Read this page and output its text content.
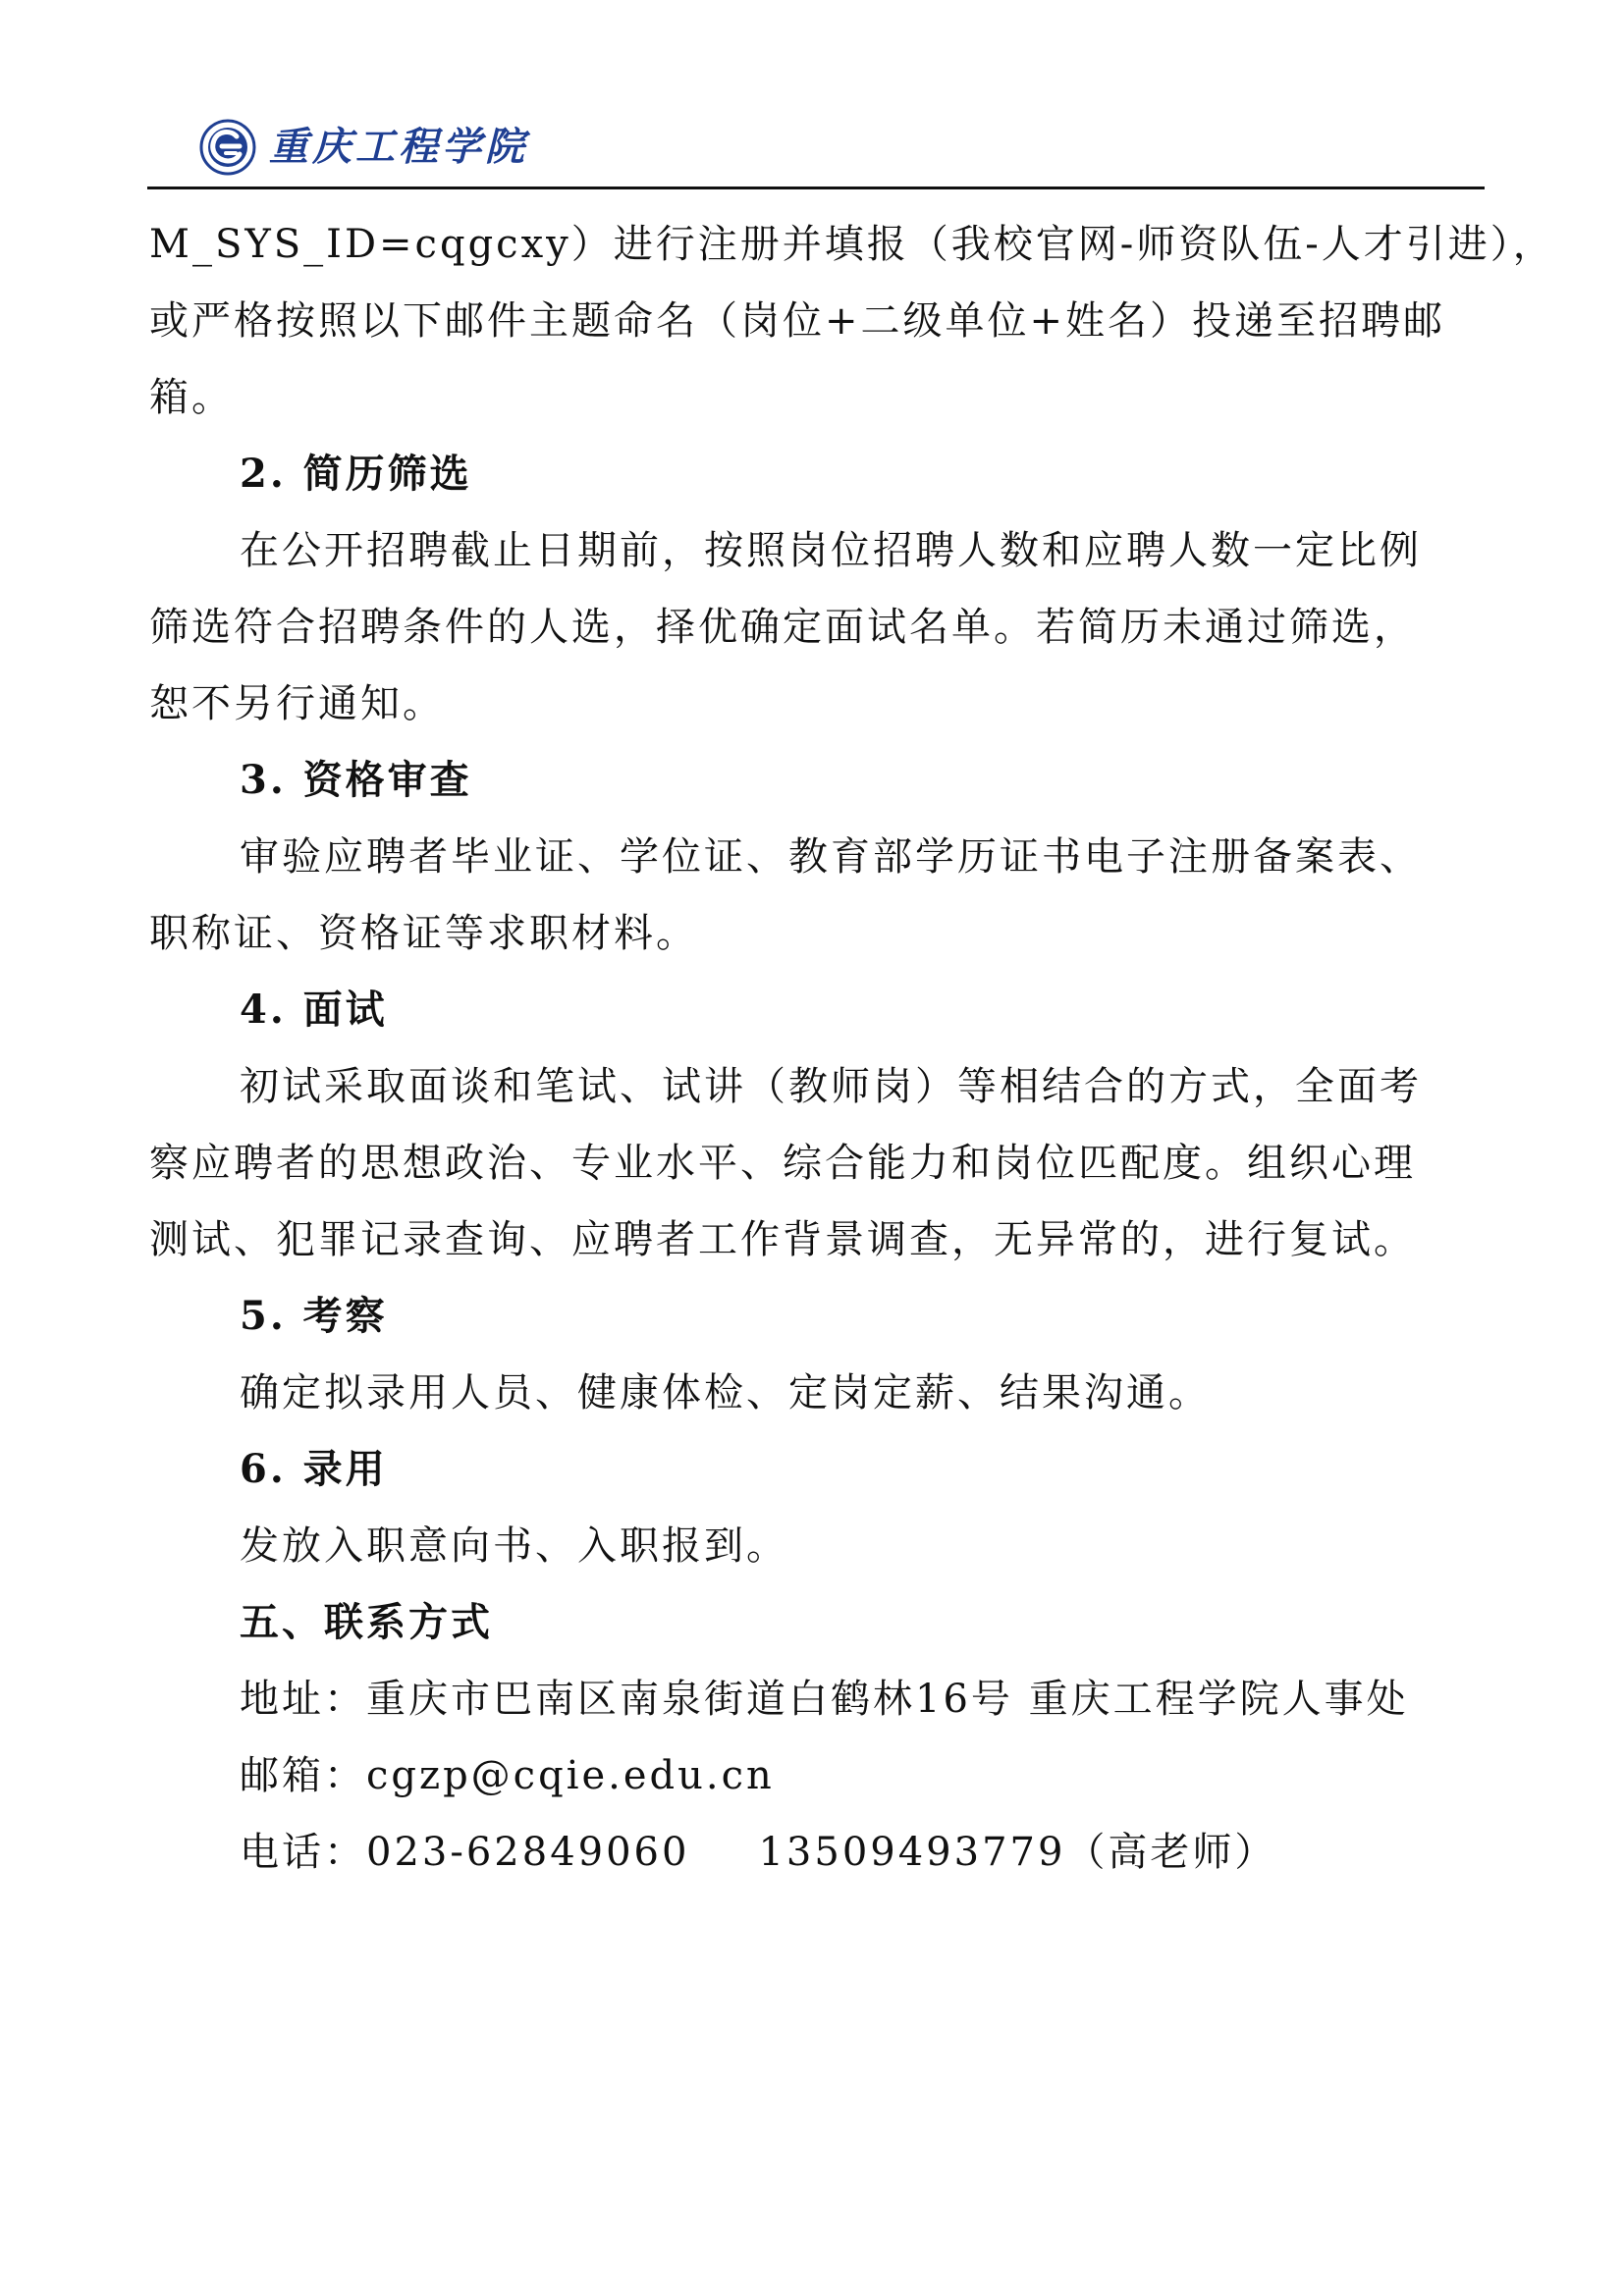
重庆工程学院
M_SYS_ID=cqgcxy）进行注册并填报（我校官网-师资队伍-人才引进），
或严格按照以下邮件主题命名（岗位+二级单位+姓名）投递至招聘邮
箱。
2. 简历筛选
在公开招聘截止日期前，按照岗位招聘人数和应聘人数一定比例
筛选符合招聘条件的人选，择优确定面试名单。若简历未通过筛选，
恕不另行通知。
3. 资格审查
审验应聘者毕业证、学位证、教育部学历证书电子注册备案表、
职称证、资格证等求职材料。
4. 面试
初试采取面谈和笔试、试讲（教师岗）等相结合的方式，全面考
察应聘者的思想政治、专业水平、综合能力和岗位匹配度。组织心理
测试、犯罪记录查询、应聘者工作背景调查，无异常的，进行复试。
5. 考察
确定拟录用人员、健康体检、定岗定薪、结果沟通。
6. 录用
发放入职意向书、入职报到。
五、联系方式
地址：重庆市巴南区南泉街道白鹤林16号 重庆工程学院人事处
邮箱：cgzp@cqie.edu.cn
电话：023-62849060 13509493779（高老师）
